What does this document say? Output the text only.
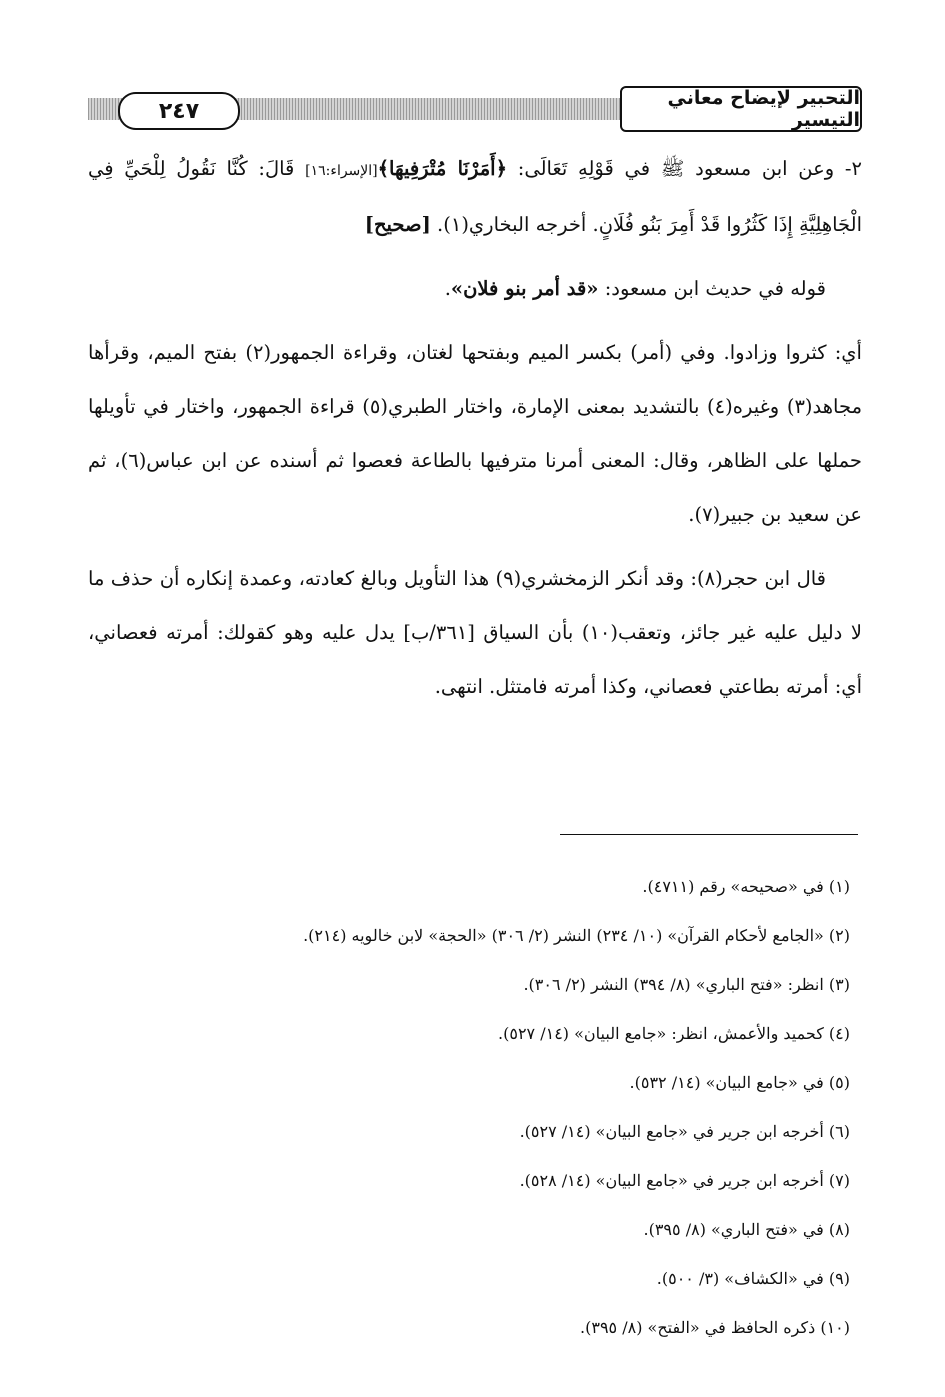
٢٤٧
التحبير لإيضاح معاني التيسير

٢- وعن ابن مسعود ﷺ في قَوْلِهِ تَعَالَى: ﴿أَمَرْنَا مُتْرَفِيهَا﴾[الإسراء:١٦] قَالَ: كُنَّا نَقُولُ لِلْحَيِّ فِي الْجَاهِلِيَّةِ إِذَا كَثُرُوا قَدْ أَمِرَ بَنُو فُلَانٍ. أخرجه البخاري(١). [صحيح]

قوله في حديث ابن مسعود: «قد أمر بنو فلان».

أي: كثروا وزادوا. وفي (أمر) بكسر الميم وبفتحها لغتان، وقراءة الجمهور(٢) بفتح الميم، وقرأها مجاهد(٣) وغيره(٤) بالتشديد بمعنى الإمارة، واختار الطبري(٥) قراءة الجمهور، واختار في تأويلها حملها على الظاهر، وقال: المعنى أمرنا مترفيها بالطاعة فعصوا ثم أسنده عن ابن عباس(٦)، ثم عن سعيد بن جبير(٧).

قال ابن حجر(٨): وقد أنكر الزمخشري(٩) هذا التأويل وبالغ كعادته، وعمدة إنكاره أن حذف ما لا دليل عليه غير جائز، وتعقب(١٠) بأن السياق [٣٦١/ب] يدل عليه وهو كقولك: أمرته فعصاني، أي: أمرته بطاعتي فعصاني، وكذا أمرته فامتثل. انتهى.

(١) في «صحيحه» رقم (٤٧١١).
(٢) «الجامع لأحكام القرآن» (١٠/ ٢٣٤) النشر (٢/ ٣٠٦) «الحجة» لابن خالويه (٢١٤).
(٣) انظر: «فتح الباري» (٨/ ٣٩٤) النشر (٢/ ٣٠٦).
(٤) كحميد والأعمش، انظر: «جامع البيان» (١٤/ ٥٢٧).
(٥) في «جامع البيان» (١٤/ ٥٣٢).
(٦) أخرجه ابن جرير في «جامع البيان» (١٤/ ٥٢٧).
(٧) أخرجه ابن جرير في «جامع البيان» (١٤/ ٥٢٨).
(٨) في «فتح الباري» (٨/ ٣٩٥).
(٩) في «الكشاف» (٣/ ٥٠٠).
(١٠) ذكره الحافظ في «الفتح» (٨/ ٣٩٥).
